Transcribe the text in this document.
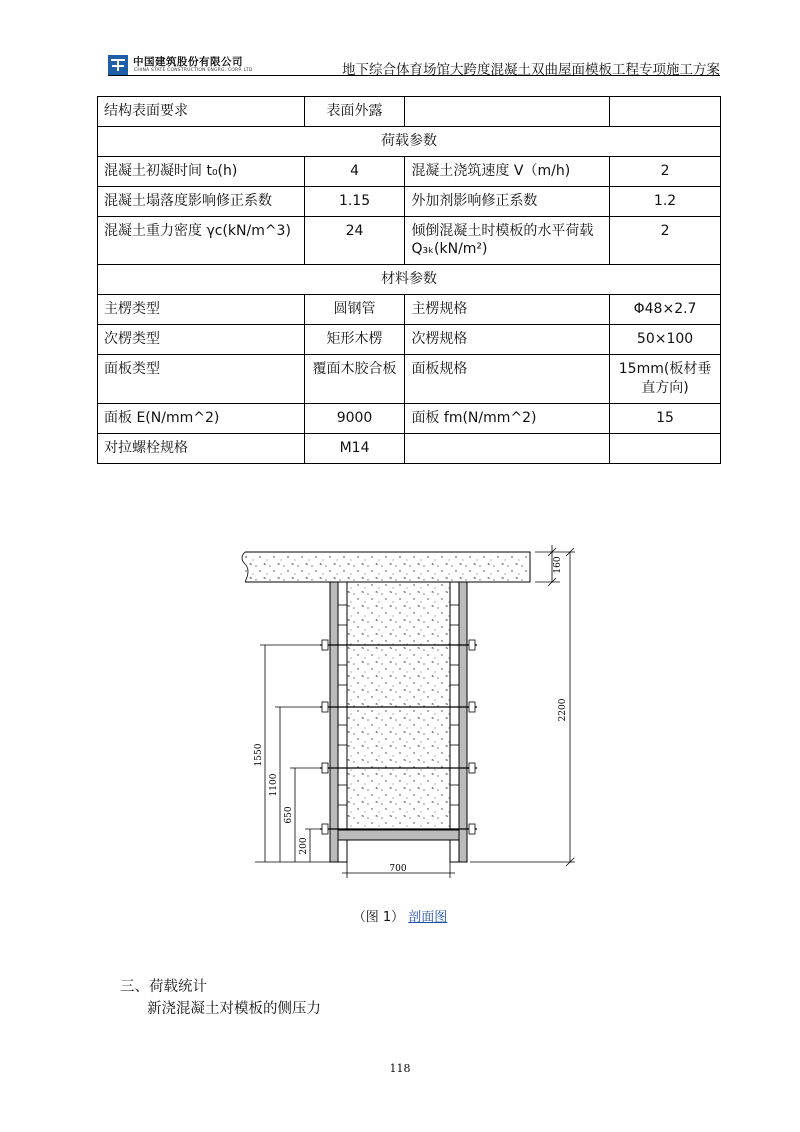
中国建筑股份有限公司
CHINA STATE CONSTRUCTION ENGRG. CORP. LTD	地下综合体育场馆大跨度混凝土双曲屋面模板工程专项施工方案
结构表面要求	表面外露		
荷载参数			
混凝土初凝时间 t₀(h)	4	混凝土浇筑速度 V（m/h)	2
混凝土塌落度影响修正系数	1.15	外加剂影响修正系数	1.2
混凝土重力密度 γc(kN/m^3)	24	倾倒混凝土时模板的水平荷载 Q₃ₖ(kN/m²)	2
材料参数			
主楞类型	圆钢管	主楞规格	Φ48×2.7
次楞类型	矩形木楞	次楞规格	50×100
面板类型	覆面木胶合板	面板规格	15mm(板材垂直方向)
面板 E(N/mm^2)	9000	面板 fm(N/mm^2)	15
对拉螺栓规格	M14		
160
2200
1550
1100
650
200
700
（图 1） 剖面图
三、荷载统计
新浇混凝土对模板的侧压力
118
